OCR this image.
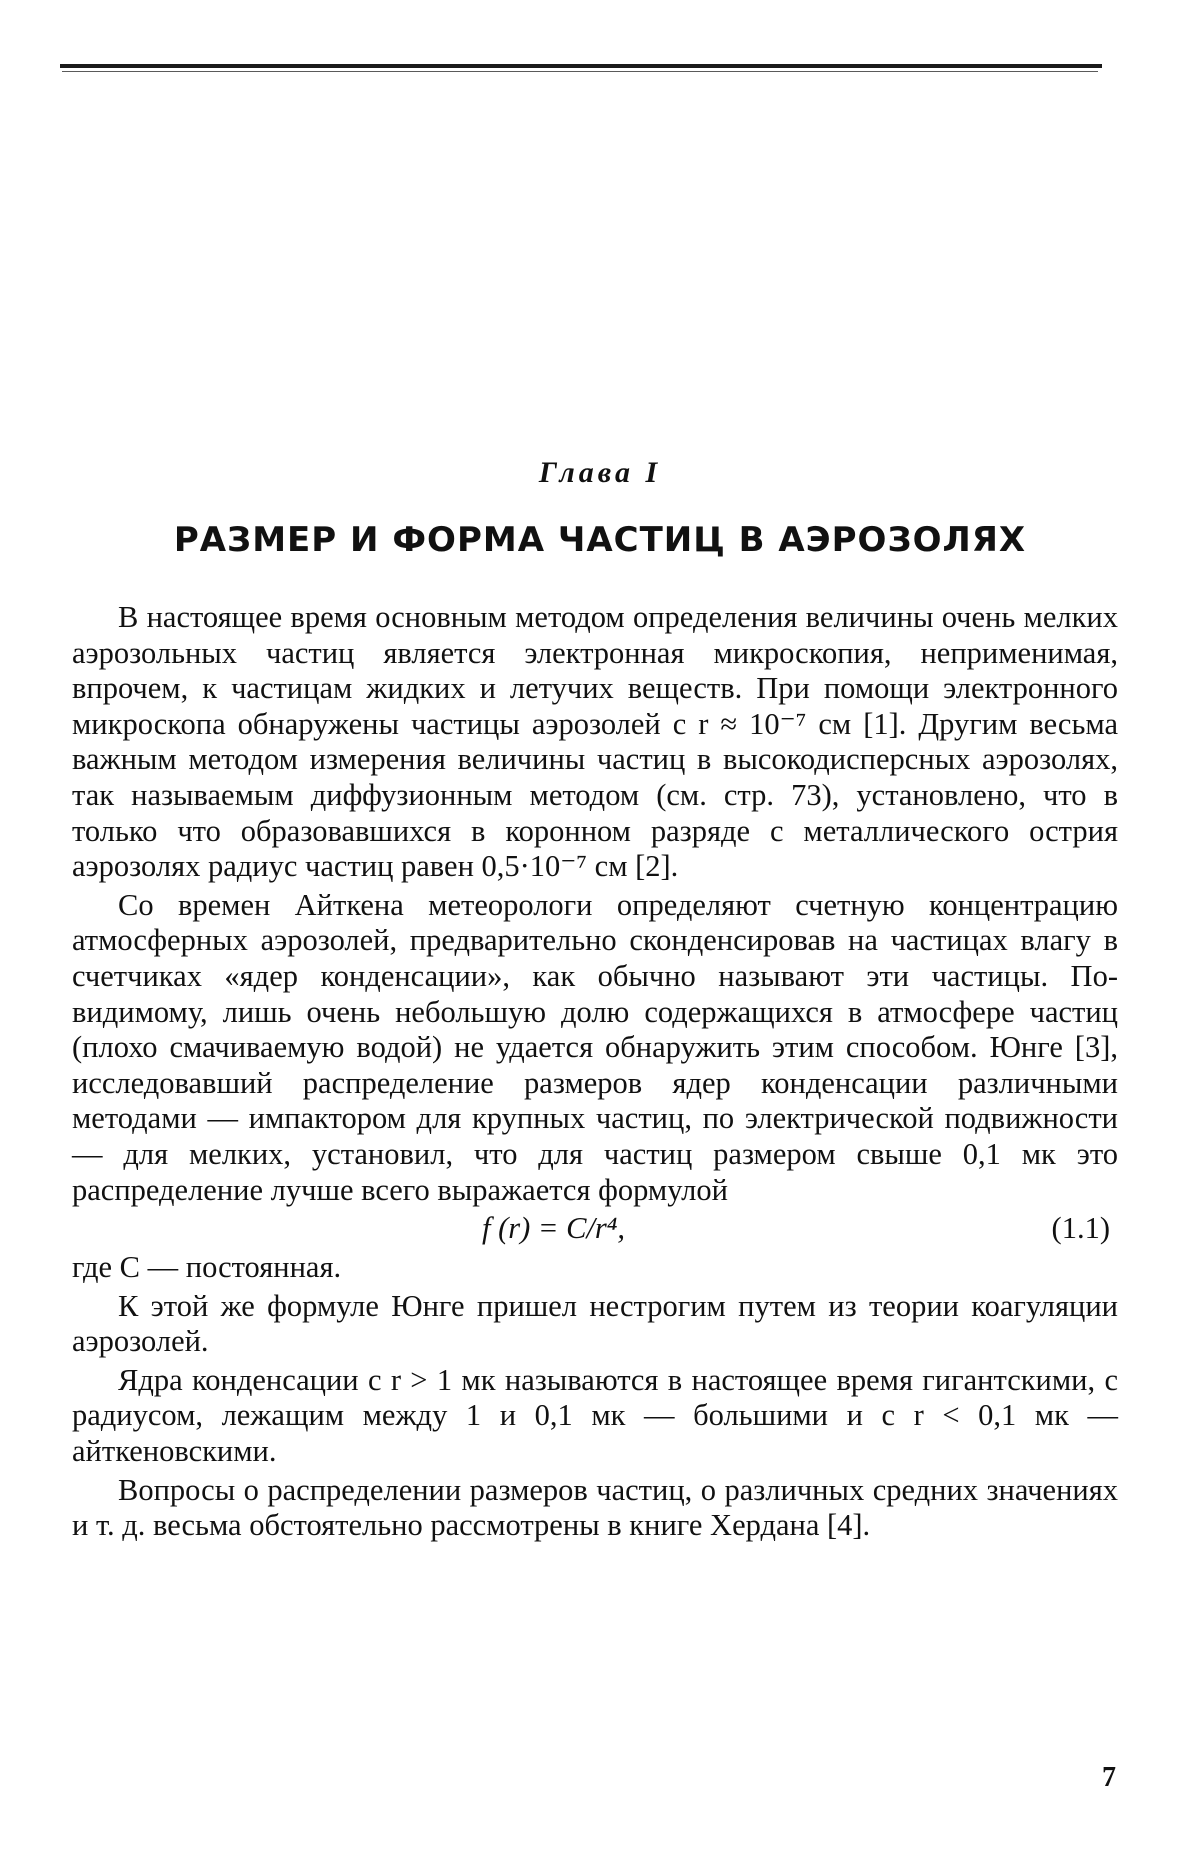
Глава I
РАЗМЕР И ФОРМА ЧАСТИЦ В АЭРОЗОЛЯХ

В настоящее время основным методом определения величины очень мелких аэрозольных частиц является электронная микроскопия, неприменимая, впрочем, к частицам жидких и летучих веществ. При помощи электронного микроскопа обнаружены частицы аэрозолей с r ≈ 10⁻⁷ см [1]. Другим весьма важным методом измерения величины частиц в высокодисперсных аэрозолях, так называемым диффузионным методом (см. стр. 73), установлено, что в только что образовавшихся в коронном разряде с металлического острия аэрозолях радиус частиц равен 0,5·10⁻⁷ см [2].

Со времен Айткена метеорологи определяют счетную концентрацию атмосферных аэрозолей, предварительно сконденсировав на частицах влагу в счетчиках «ядер конденсации», как обычно называют эти частицы. По-видимому, лишь очень небольшую долю содержащихся в атмосфере частиц (плохо смачиваемую водой) не удается обнаружить этим способом. Юнге [3], исследовавший распределение размеров ядер конденсации различными методами — импактором для крупных частиц, по электрической подвижности — для мелких, установил, что для частиц размером свыше 0,1 мк это распределение лучше всего выражается формулой

f (r) = C/r⁴,	(1.1)

где C — постоянная.

К этой же формуле Юнге пришел нестрогим путем из теории коагуляции аэрозолей.

Ядра конденсации с r > 1 мк называются в настоящее время гигантскими, с радиусом, лежащим между 1 и 0,1 мк — большими и с r < 0,1 мк — айткеновскими.

Вопросы о распределении размеров частиц, о различных средних значениях и т. д. весьма обстоятельно рассмотрены в книге Хердана [4].

7
